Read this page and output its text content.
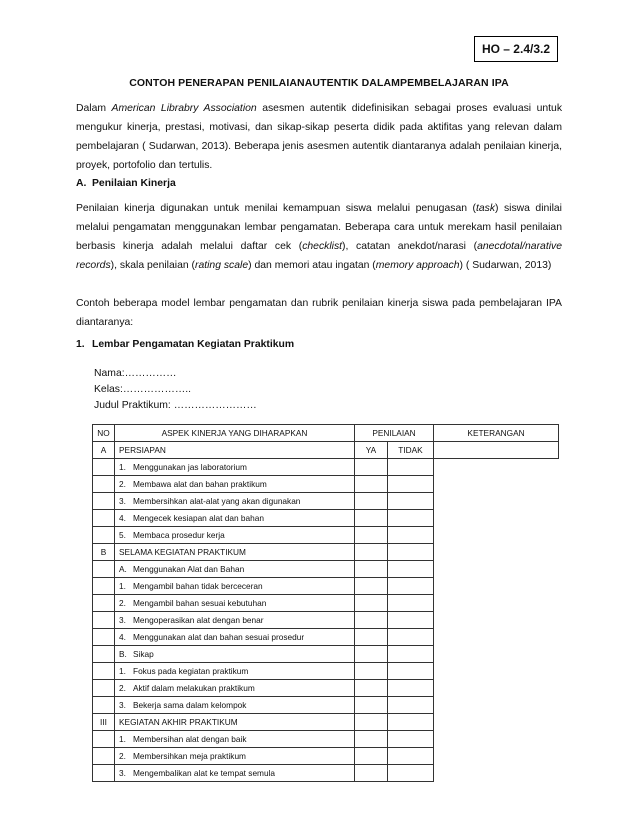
HO – 2.4/3.2
CONTOH PENERAPAN PENILAIANAUTENTIK DALAMPEMBELAJARAN IPA
Dalam American Librabry Association asesmen autentik didefinisikan sebagai proses evaluasi untuk mengukur kinerja, prestasi, motivasi, dan sikap-sikap peserta didik pada aktifitas yang relevan dalam pembelajaran ( Sudarwan, 2013). Beberapa jenis asesmen autentik diantaranya adalah penilaian kinerja, proyek, portofolio dan tertulis.
A. Penilaian Kinerja
Penilaian kinerja digunakan untuk menilai kemampuan siswa melalui penugasan (task) siswa dinilai melalui pengamatan menggunakan lembar pengamatan. Beberapa cara untuk merekam hasil penilaian berbasis kinerja adalah melalui daftar cek (checklist), catatan anekdot/narasi (anecdotal/narative records), skala penilaian (rating scale) dan memori atau ingatan (memory approach) ( Sudarwan, 2013)
Contoh beberapa model lembar pengamatan dan rubrik penilaian kinerja siswa pada pembelajaran IPA diantaranya:
1. Lembar Pengamatan Kegiatan Praktikum
Nama:……………
Kelas:………………..
Judul Praktikum: ……………………
NO	ASPEK KINERJA YANG DIHARAPKAN	PENILAIAN		KETERANGAN
A	PERSIAPAN	YA	TIDAK	
	1. Menggunakan jas laboratorium			
	2. Membawa alat dan bahan praktikum			
	3. Membersihkan alat-alat yang akan digunakan			
	4. Mengecek kesiapan alat dan bahan			
	5. Membaca prosedur kerja			
B	SELAMA KEGIATAN PRAKTIKUM			
	A. Menggunakan Alat dan Bahan			
	1. Mengambil bahan tidak berceceran			
	2. Mengambil bahan sesuai kebutuhan			
	3. Mengoperasikan alat dengan benar			
	4. Menggunakan alat dan bahan sesuai prosedur			
	B. Sikap			
	1. Fokus pada kegiatan praktikum			
	2. Aktif dalam melakukan praktikum			
	3. Bekerja sama dalam kelompok			
III	KEGIATAN AKHIR PRAKTIKUM			
	1. Membersihan alat dengan baik			
	2. Membersihkan meja praktikum			
	3. Mengembalikan alat ke tempat semula			
